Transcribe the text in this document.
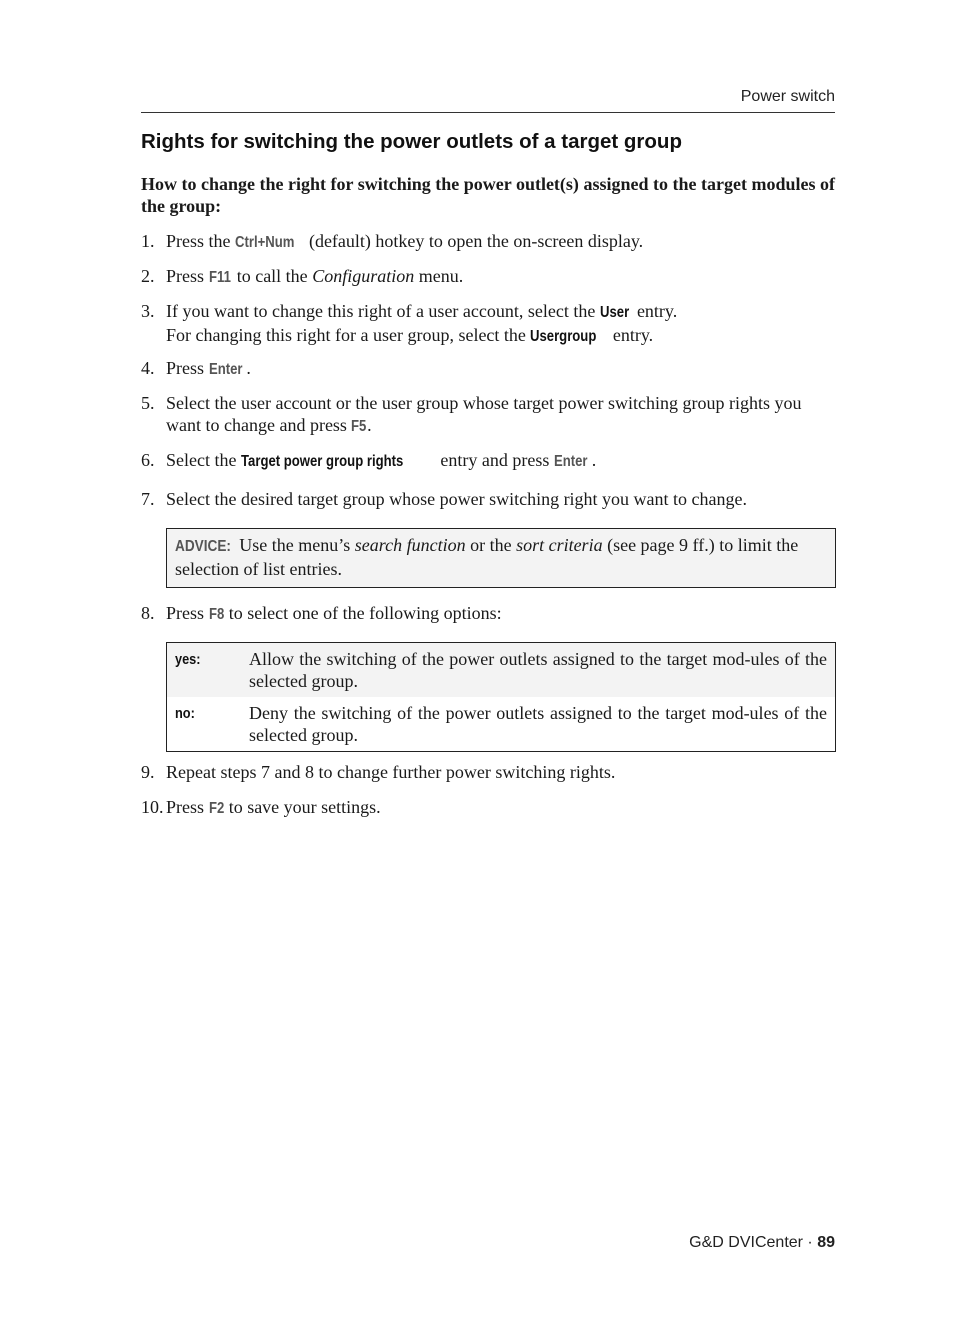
Power switch
Rights for switching the power outlets of a target group
How to change the right for switching the power outlet(s) assigned to the target modules of the group:
1. Press the Ctrl+Num (default) hotkey to open the on-screen display.
2. Press F11 to call the Configuration menu.
3. If you want to change this right of a user account, select the User entry.
For changing this right for a user group, select the Usergroup entry.
4. Press Enter .
5. Select the user account or the user group whose target power switching group rights you want to change and press F5.
6. Select the Target power group rights entry and press Enter .
7. Select the desired target group whose power switching right you want to change.
ADVICE: Use the menu’s search function or the sort criteria (see page 9 ff.) to limit the selection of list entries.
8. Press F8 to select one of the following options:
yes:	Allow the switching of the power outlets assigned to the target mod-ules of the selected group.
no:	Deny the switching of the power outlets assigned to the target mod-ules of the selected group.
9. Repeat steps 7 and 8 to change further power switching rights.
10. Press F2 to save your settings.
G&D DVICenter · 89
